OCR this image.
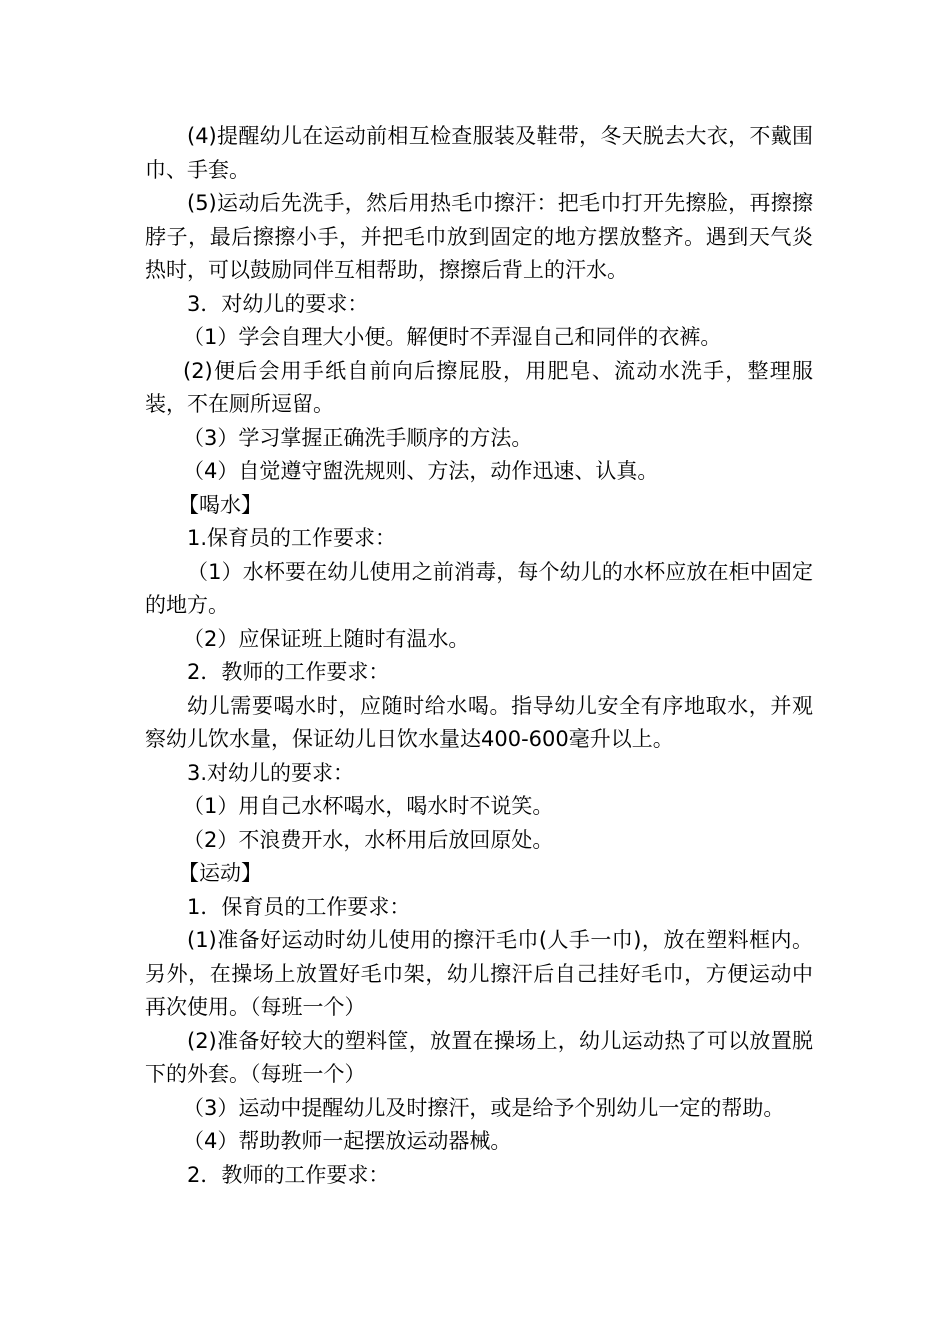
(4)提醒幼儿在运动前相互检查服装及鞋带，冬天脱去大衣，不戴围巾、手套。

(5)运动后先洗手，然后用热毛巾擦汗：把毛巾打开先擦脸，再擦擦脖子，最后擦擦小手，并把毛巾放到固定的地方摆放整齐。遇到天气炎热时，可以鼓励同伴互相帮助，擦擦后背上的汗水。

3．对幼儿的要求：

（1）学会自理大小便。解便时不弄湿自己和同伴的衣裤。

(2)便后会用手纸自前向后擦屁股，用肥皂、流动水洗手，整理服装，不在厕所逗留。

（3）学习掌握正确洗手顺序的方法。

（4）自觉遵守盥洗规则、方法，动作迅速、认真。

【喝水】

1.保育员的工作要求：

（1）水杯要在幼儿使用之前消毒，每个幼儿的水杯应放在柜中固定的地方。

（2）应保证班上随时有温水。

2．教师的工作要求：

幼儿需要喝水时，应随时给水喝。指导幼儿安全有序地取水，并观察幼儿饮水量，保证幼儿日饮水量达400-600毫升以上。

3.对幼儿的要求：

（1）用自己水杯喝水，喝水时不说笑。

（2）不浪费开水，水杯用后放回原处。

【运动】

1．保育员的工作要求：

(1)准备好运动时幼儿使用的擦汗毛巾(人手一巾)，放在塑料框内。另外，在操场上放置好毛巾架，幼儿擦汗后自己挂好毛巾，方便运动中再次使用。（每班一个）

(2)准备好较大的塑料筐，放置在操场上，幼儿运动热了可以放置脱下的外套。（每班一个）

（3）运动中提醒幼儿及时擦汗，或是给予个别幼儿一定的帮助。

（4）帮助教师一起摆放运动器械。

2．教师的工作要求：
